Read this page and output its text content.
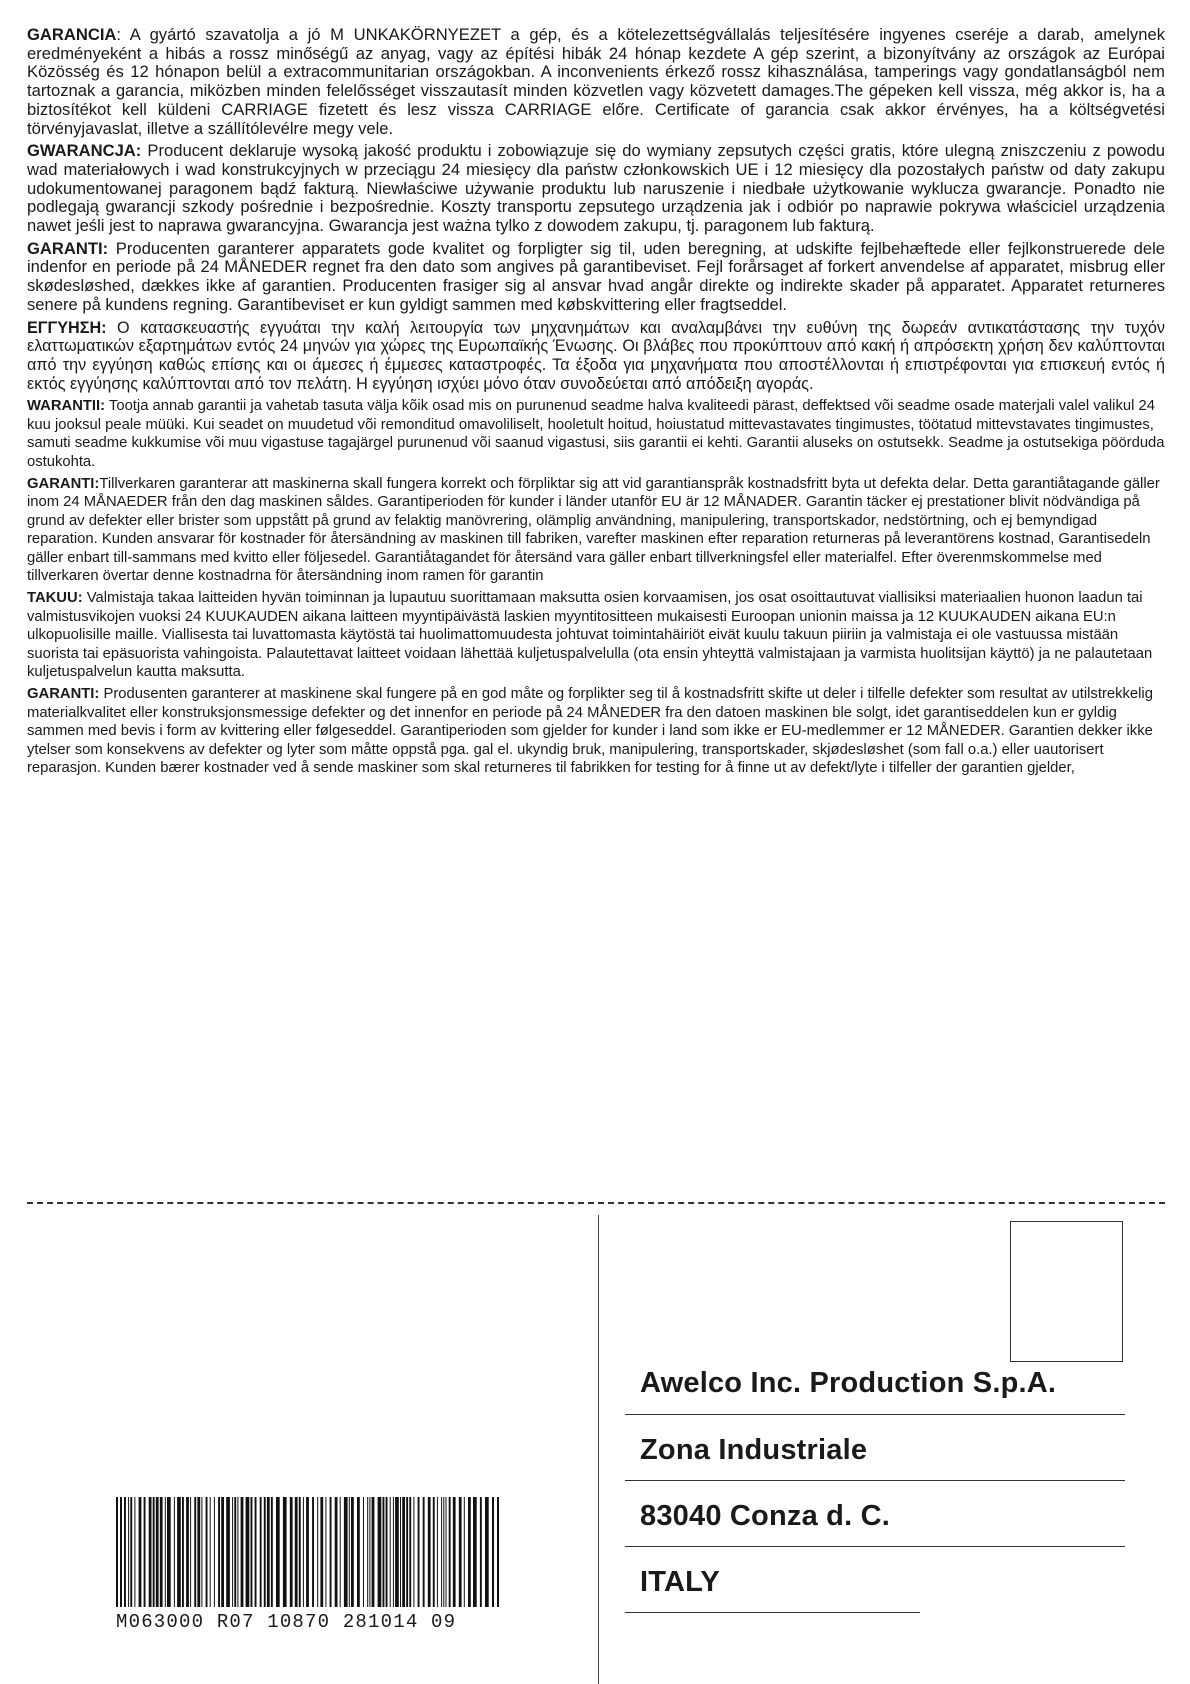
GARANCIA: A gyártó szavatolja a jó M UNKAKÖRNYEZET a gép, és a kötelezettségvállalás teljesítésére ingyenes cseréje a darab, amelynek eredményeként a hibás a rossz minőségű az anyag, vagy az építési hibák 24 hónap kezdete A gép szerint, a bizonyítvány az országok az Európai Közösség és 12 hónapon belül a extracommunitarian országokban. A inconvenients érkező rossz kihasználása, tamperings vagy gondatlanságból nem tartoznak a garancia, miközben minden felelősséget visszautasít minden közvetlen vagy közvetett damages.The gépeken kell vissza, még akkor is, ha a biztosítékot kell küldeni CARRIAGE fizetett és lesz vissza CARRIAGE előre. Certificate of garancia csak akkor érvényes, ha a költségvetési törvényjavaslat, illetve a szállítólevélre megy vele.

GWARANCJA: Producent deklaruje wysoką jakość produktu i zobowiązuje się do wymiany zepsutych części gratis, które ulegną zniszczeniu z powodu wad materiałowych i wad konstrukcyjnych w przeciągu 24 miesięcy dla państw członkowskich UE i 12 miesięcy dla pozostałych państw od daty zakupu udokumentowanej paragonem bądź fakturą. Niewłaściwe używanie produktu lub naruszenie i niedbałe użytkowanie wyklucza gwarancje. Ponadto nie podlegają gwarancji szkody pośrednie i bezpośrednie. Koszty transportu zepsutego urządzenia jak i odbiór po naprawie pokrywa właściciel urządzenia nawet jeśli jest to naprawa gwarancyjna. Gwarancja jest ważna tylko z dowodem zakupu, tj. paragonem lub fakturą.

GARANTI: Producenten garanterer apparatets gode kvalitet og forpligter sig til, uden beregning, at udskifte fejlbehæftede eller fejlkonstruerede dele indenfor en periode på 24 MÅNEDER regnet fra den dato som angives på garantibeviset. Fejl forårsaget af forkert anvendelse af apparatet, misbrug eller skødesløshed, dækkes ikke af garantien. Producenten frasiger sig al ansvar hvad angår direkte og indirekte skader på apparatet. Apparatet returneres senere på kundens regning. Garantibeviset er kun gyldigt sammen med købskvittering eller fragtseddel.

ΕΓΓΥΗΣΗ: Ο κατασκευαστής εγγυάται την καλή λειτουργία των μηχανημάτων και αναλαμβάνει την ευθύνη της δωρεάν αντικατάστασης την τυχόν ελαττωματικών εξαρτημάτων εντός 24 μηνών για χώρες της Ευρωπαϊκής Ένωσης. Οι βλάβες που προκύπτουν από κακή ή απρόσεκτη χρήση δεν καλύπτονται από την εγγύηση καθώς επίσης και οι άμεσες ή έμμεσες καταστροφές. Τα έξοδα για μηχανήματα που αποστέλλονται ή επιστρέφονται για επισκευή εντός ή εκτός εγγύησης καλύπτονται από τον πελάτη. Η εγγύηση ισχύει μόνο όταν συνοδεύεται από απόδειξη αγοράς.

WARANTII: Tootja annab garantii ja vahetab tasuta välja kõik osad mis on purunenud seadme halva kvaliteedi pärast, deffektsed või seadme osade materjali valel valikul 24 kuu jooksul peale müüki. Kui seadet on muudetud või remonditud omavoliliselt, hooletult hoitud, hoiustatud mittevastavates tingimustes, töötatud mittevstavates tingimustes, samuti seadme kukkumise või muu vigastuse tagajärgel purunenud või saanud vigastusi, siis garantii ei kehti. Garantii aluseks on ostutsekk. Seadme ja ostutsekiga pöörduda ostukohta.

GARANTI:Tillverkaren garanterar att maskinerna skall fungera korrekt och förpliktar sig att vid garantianspråk kostnadsfritt byta ut defekta delar. Detta garantiåtagande gäller inom 24 MÅNAEDER från den dag maskinen såldes. Garantiperioden för kunder i länder utanför EU är 12 MÅNADER. Garantin täcker ej prestationer blivit nödvändiga på grund av defekter eller brister som uppstått på grund av felaktig manövrering, olämplig användning, manipulering, transportskador, nedstörtning, och ej bemyndigad reparation. Kunden ansvarar för kostnader för återsändning av maskinen till fabriken, varefter maskinen efter reparation returneras på leverantörens kostnad, Garantisedeln gäller enbart till-sammans med kvitto eller följesedel. Garantiåtagandet för återsänd vara gäller enbart tillverkningsfel eller materialfel. Efter överenmskommelse med tillverkaren övertar denne kostnadrna för återsändning inom ramen för garantin

TAKUU: Valmistaja takaa laitteiden hyvän toiminnan ja lupautuu suorittamaan maksutta osien korvaamisen, jos osat osoittautuvat viallisiksi materiaalien huonon laadun tai valmistusvikojen vuoksi 24 KUUKAUDEN aikana laitteen myyntipäivästä laskien myyntitositteen mukaisesti Euroopan unionin maissa ja 12 KUUKAUDEN aikana EU:n ulkopuolisille maille. Viallisesta tai luvattomasta käytöstä tai huolimattomuudesta johtuvat toimintahäiriöt eivät kuulu takuun piiriin ja valmistaja ei ole vastuussa mistään suorista tai epäsuorista vahingoista. Palautettavat laitteet voidaan lähettää kuljetuspalvelulla (ota ensin yhteyttä valmistajaan ja varmista huolitsijan käyttö) ja ne palautetaan kuljetuspalvelun kautta maksutta.

GARANTI: Produsenten garanterer at maskinene skal fungere på en god måte og forplikter seg til å kostnadsfritt skifte ut deler i tilfelle defekter som resultat av utilstrekkelig materialkvalitet eller konstruksjonsmessige defekter og det innenfor en periode på 24 MÅNEDER fra den datoen maskinen ble solgt, idet garantiseddelen kun er gyldig sammen med bevis i form av kvittering eller følgeseddel. Garantiperioden som gjelder for kunder i land som ikke er EU-medlemmer er 12 MÅNEDER. Garantien dekker ikke ytelser som konsekvens av defekter og lyter som måtte oppstå pga. gal el. ukyndig bruk, manipulering, transportskader, skjødesløshet (som fall o.a.) eller uautorisert reparasjon. Kunden bærer kostnader ved å sende maskiner som skal returneres til fabrikken for testing for å finne ut av defekt/lyte i tilfeller der garantien gjelder,

Awelco Inc. Production S.p.A.
Zona Industriale
83040 Conza d. C.
ITALY
M063000 R07 10870 281014 09
